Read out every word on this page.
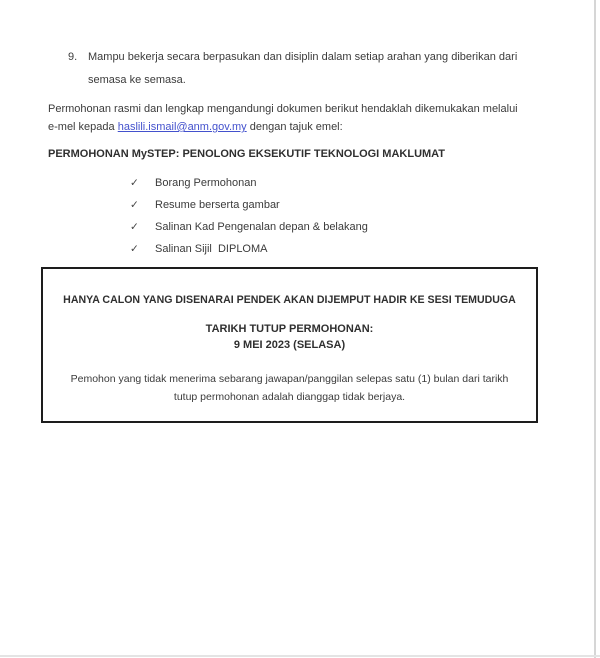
9. Mampu bekerja secara berpasukan dan disiplin dalam setiap arahan yang diberikan dari
semasa ke semasa.
Permohonan rasmi dan lengkap mengandungi dokumen berikut hendaklah dikemukakan melalui
e-mel kepada haslili.ismail@anm.gov.my dengan tajuk emel:
PERMOHONAN MySTEP: PENOLONG EKSEKUTIF TEKNOLOGI MAKLUMAT
✓	Borang Permohonan
✓	Resume berserta gambar
✓	Salinan Kad Pengenalan depan & belakang
✓	Salinan Sijil  DIPLOMA
HANYA CALON YANG DISENARAI PENDEK AKAN DIJEMPUT HADIR KE SESI TEMUDUGA
TARIKH TUTUP PERMOHONAN:
9 MEI 2023 (SELASA)
Pemohon yang tidak menerima sebarang jawapan/panggilan selepas satu (1) bulan dari tarikh
tutup permohonan adalah dianggap tidak berjaya.
